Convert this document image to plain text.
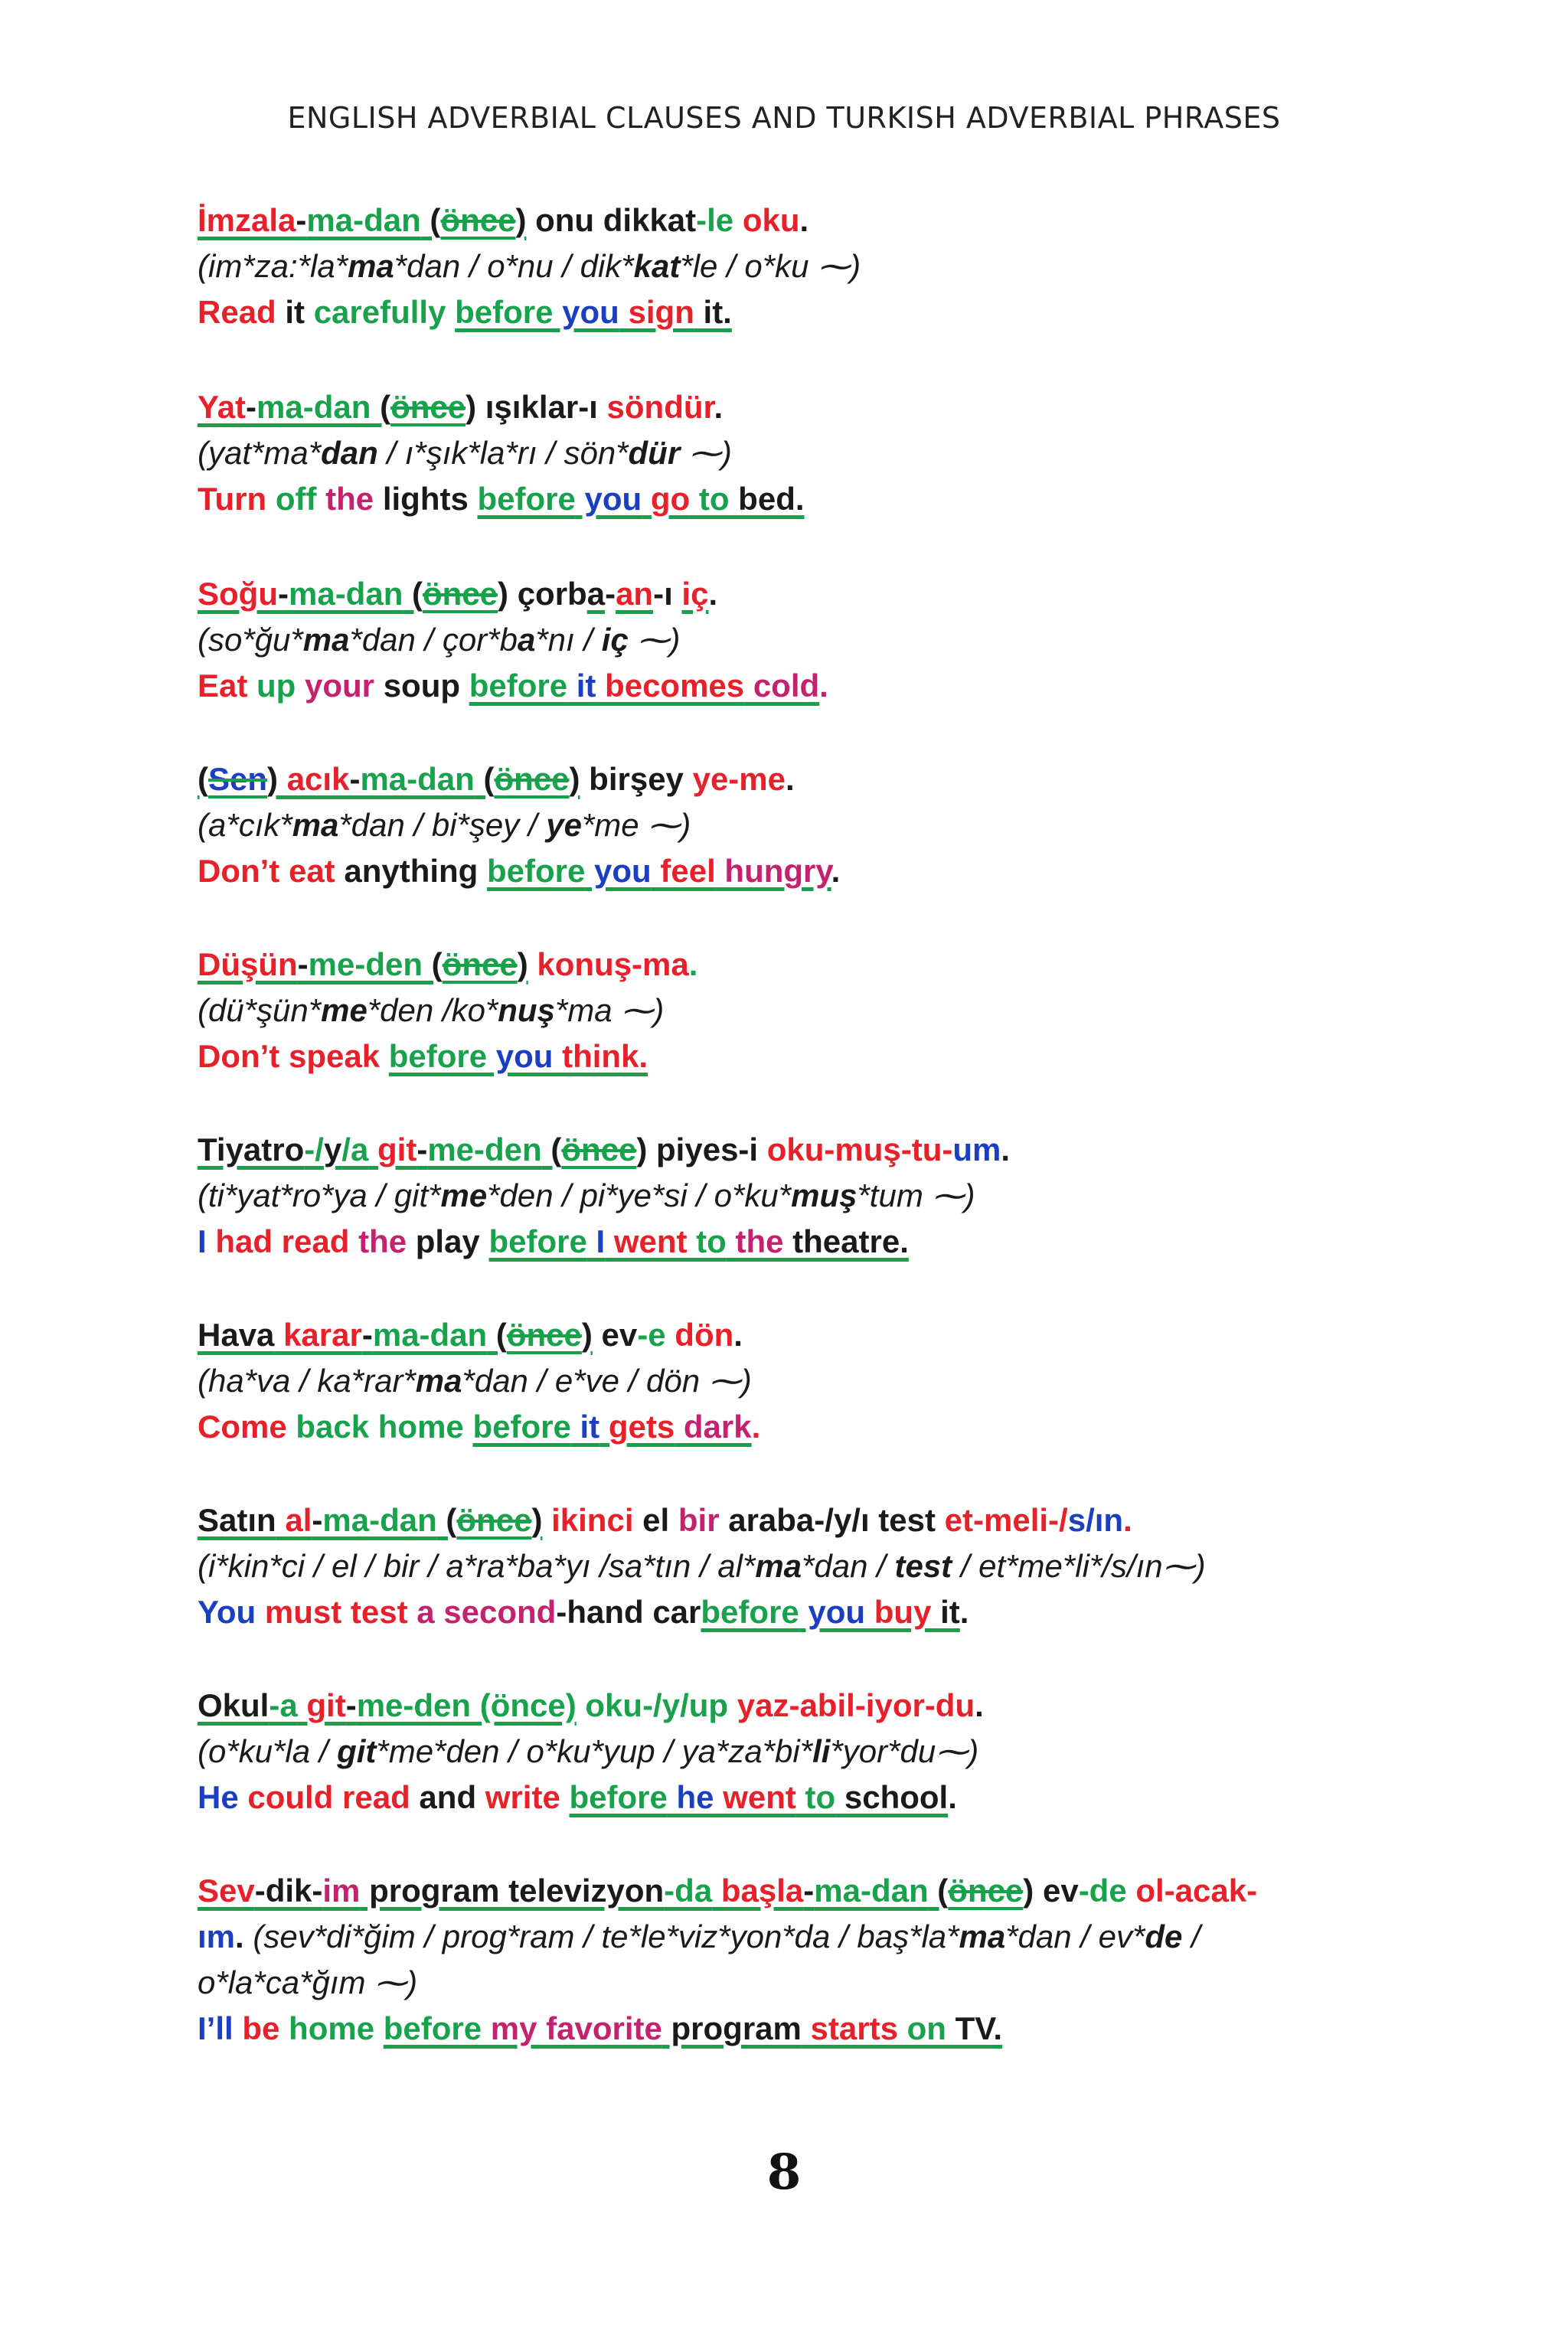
ENGLISH ADVERBIAL CLAUSES AND TURKISH ADVERBIAL PHRASES
İmzala-ma-dan (önce) onu dikkat-le oku.
(im*za:*la*ma*dan / o*nu / dik*kat*le / o*ku ⁓)
Read it carefully before you sign it.
Yat-ma-dan (önce) ışıklar-ı söndür.
(yat*ma*dan / ı*şık*la*rı / sön*dür ⁓)
Turn off the lights before you go to bed.
Soğu-ma-dan (önce) çorba-an-ı iç.
(so*ğu*ma*dan / çor*ba*nı / iç ⁓)
Eat up your soup before it becomes cold.
(Sen) acık-ma-dan (önce) birşey ye-me.
(a*cık*ma*dan / bi*şey / ye*me ⁓)
Don’t eat anything before you feel hungry.
Düşün-me-den (önce) konuş-ma.
(dü*şün*me*den /ko*nuş*ma ⁓)
Don’t speak before you think.
Tiyatro-/y/a git-me-den (önce) piyes-i oku-muş-tu-um.
(ti*yat*ro*ya / git*me*den / pi*ye*si / o*ku*muş*tum ⁓)
I had read the play before I went to the theatre.
Hava karar-ma-dan (önce) ev-e dön.
(ha*va / ka*rar*ma*dan / e*ve / dön ⁓)
Come back home before it gets dark.
Satın al-ma-dan (önce) ikinci el bir araba-/y/ı test et-meli-/s/ın.
(i*kin*ci / el / bir / a*ra*ba*yı /sa*tın / al*ma*dan / test / et*me*li*/s/ın⁓)
You must test a second-hand carbefore you buy it.
Okul-a git-me-den (önce) oku-/y/up yaz-abil-iyor-du.
(o*ku*la / git*me*den / o*ku*yup / ya*za*bi*li*yor*du⁓)
He could read and write before he went to school.
Sev-dik-im program televizyon-da başla-ma-dan (önce) ev-de ol-acak-
ım. (sev*di*ğim / prog*ram / te*le*viz*yon*da / baş*la*ma*dan / ev*de /
o*la*ca*ğım ⁓)
I’ll be home before my favorite program starts on TV.
8
